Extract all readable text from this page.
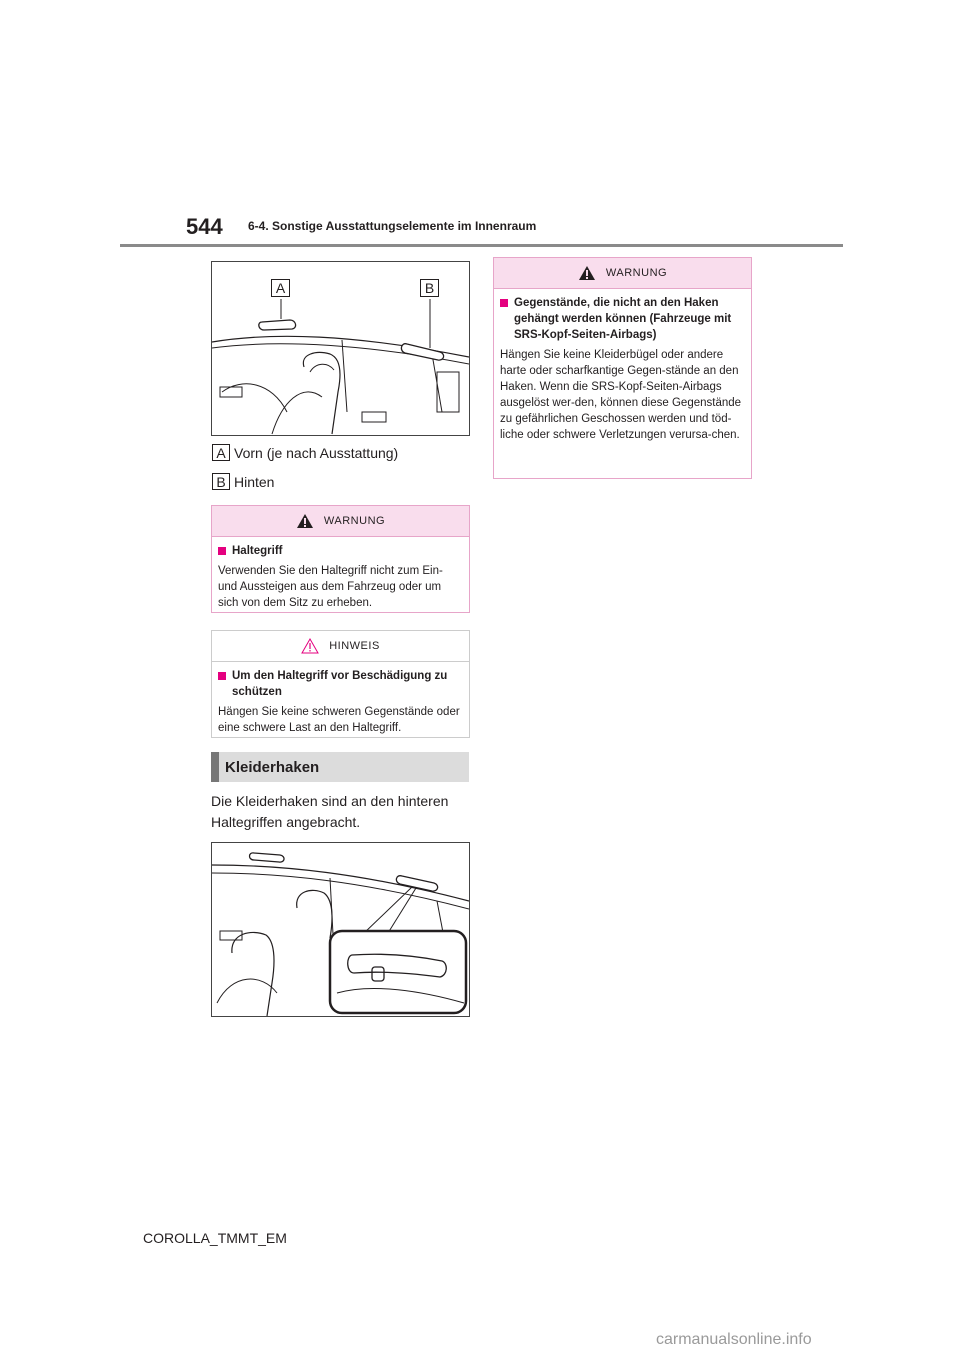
544 6-4. Sonstige Ausstattungselemente im Innenraum
A	B
A Vorn (je nach Ausstattung)
B Hinten
WARNUNG
Haltegriff
Verwenden Sie den Haltegriff nicht zum Ein- und Aussteigen aus dem Fahrzeug oder um sich von dem Sitz zu erheben.
HINWEIS
Um den Haltegriff vor Beschädigung zu schützen
Hängen Sie keine schweren Gegenstände oder eine schwere Last an den Haltegriff.
Kleiderhaken
Die Kleiderhaken sind an den hinteren Haltegriffen angebracht.
WARNUNG
Gegenstände, die nicht an den Haken gehängt werden können (Fahrzeuge mit SRS-Kopf-Seiten-Airbags)
Hängen Sie keine Kleiderbügel oder andere harte oder scharfkantige Gegen-stände an den Haken. Wenn die SRS-Kopf-Seiten-Airbags ausgelöst wer-den, können diese Gegenstände zu gefährlichen Geschossen werden und töd-liche oder schwere Verletzungen verursa-chen.
COROLLA_TMMT_EM
carmanualsonline.info
